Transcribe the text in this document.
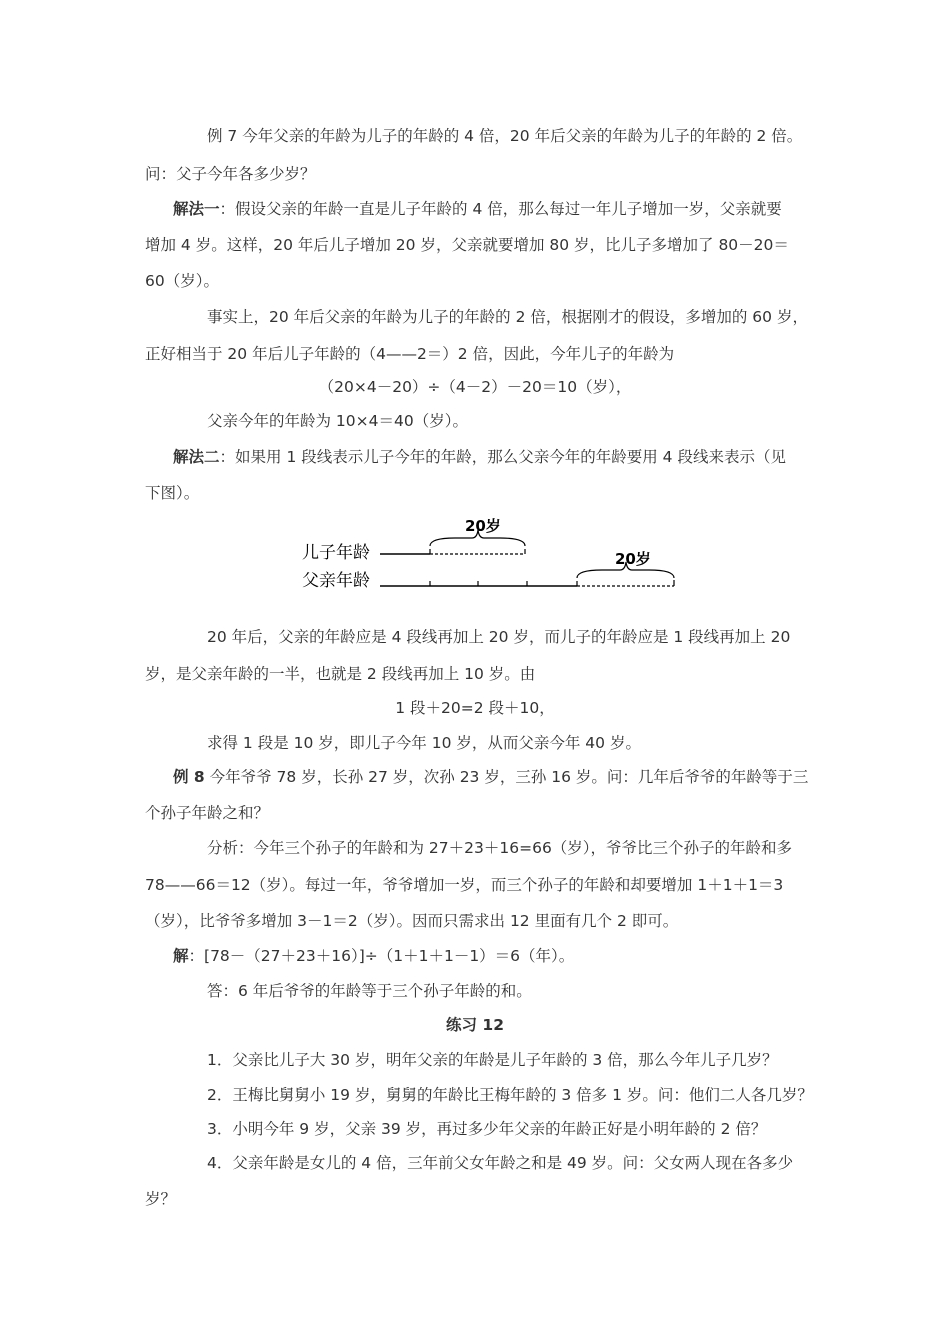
例 7 今年父亲的年龄为儿子的年龄的 4 倍，20 年后父亲的年龄为儿子的年龄的 2 倍。
问：父子今年各多少岁？
解法一：假设父亲的年龄一直是儿子年龄的 4 倍，那么每过一年儿子增加一岁，父亲就要
增加 4 岁。这样，20 年后儿子增加 20 岁，父亲就要增加 80 岁，比儿子多增加了 80－20＝
60（岁）。
事实上，20 年后父亲的年龄为儿子的年龄的 2 倍，根据刚才的假设，多增加的 60 岁，
正好相当于 20 年后儿子年龄的（4——2＝）2 倍，因此，今年儿子的年龄为
（20×4－20）÷（4－2）－20＝10（岁），
父亲今年的年龄为 10×4＝40（岁）。
解法二：如果用 1 段线表示儿子今年的年龄，那么父亲今年的年龄要用 4 段线来表示（见
下图）。
儿子年龄
父亲年龄
20岁
20岁
20 年后，父亲的年龄应是 4 段线再加上 20 岁，而儿子的年龄应是 1 段线再加上 20
岁，是父亲年龄的一半，也就是 2 段线再加上 10 岁。由
1 段＋20=2 段＋10，
求得 1 段是 10 岁，即儿子今年 10 岁，从而父亲今年 40 岁。
例 8 今年爷爷 78 岁，长孙 27 岁，次孙 23 岁，三孙 16 岁。问：几年后爷爷的年龄等于三
个孙子年龄之和？
分析：今年三个孙子的年龄和为 27＋23＋16=66（岁），爷爷比三个孙子的年龄和多
78——66＝12（岁）。每过一年，爷爷增加一岁，而三个孙子的年龄和却要增加 1＋1＋1＝3
（岁），比爷爷多增加 3－1＝2（岁）。因而只需求出 12 里面有几个 2 即可。
解：[78－（27＋23＋16）]÷（1＋1＋1－1）＝6（年）。
答：6 年后爷爷的年龄等于三个孙子年龄的和。
练习 12
1．父亲比儿子大 30 岁，明年父亲的年龄是儿子年龄的 3 倍，那么今年儿子几岁？
2．王梅比舅舅小 19 岁，舅舅的年龄比王梅年龄的 3 倍多 1 岁。问：他们二人各几岁？
3．小明今年 9 岁，父亲 39 岁，再过多少年父亲的年龄正好是小明年龄的 2 倍？
4．父亲年龄是女儿的 4 倍，三年前父女年龄之和是 49 岁。问：父女两人现在各多少
岁？
